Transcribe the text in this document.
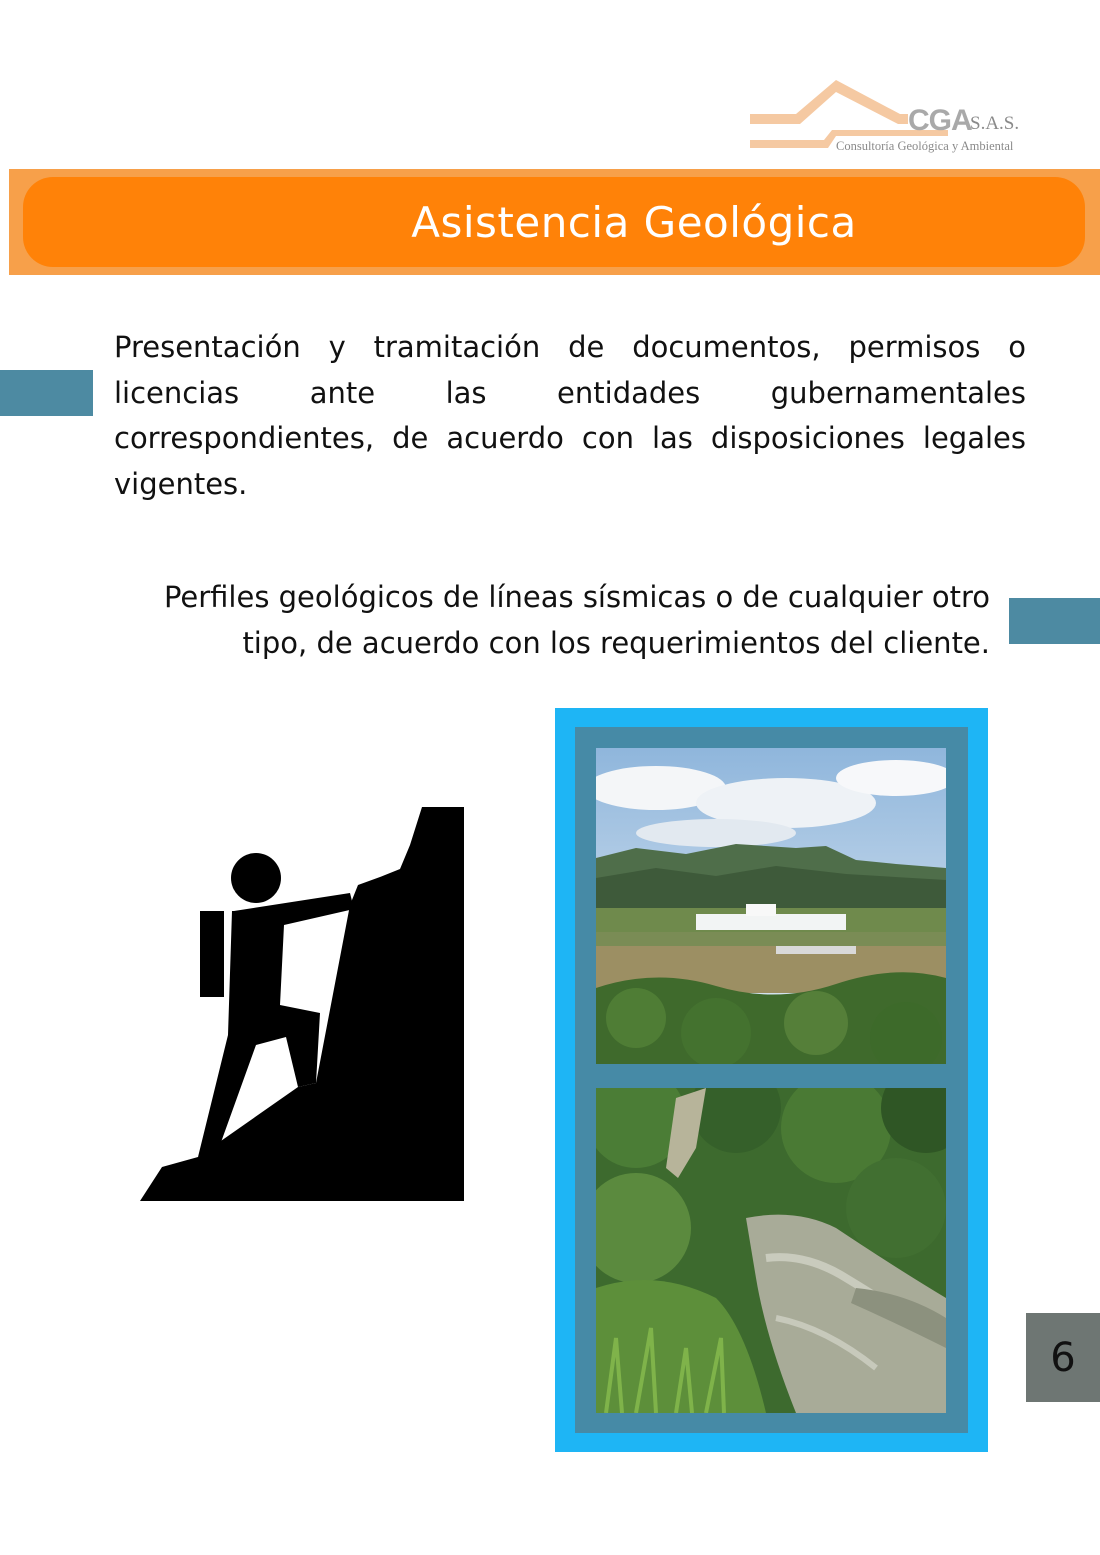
CGA
S.A.S.
Consultoría Geológica y Ambiental
Asistencia Geológica
Presentación y tramitación de documentos, permisos o licencias ante las entidades gubernamentales correspondientes, de acuerdo con las disposiciones legales vigentes.
Perfiles geológicos de líneas sísmicas o de cualquier otro tipo, de acuerdo con los requerimientos del cliente.
6
